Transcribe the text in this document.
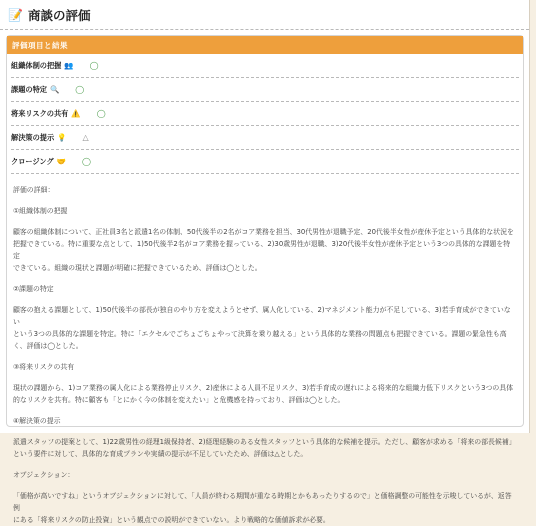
📝 商談の評価
評価項目と結果
組織体制の把握 👥 ◯
課題の特定 🔍 ◯
将来リスクの共有 ⚠️ ◯
解決策の提示 💡 △
クロージング 🤝 ◯

評価の詳細：

①組織体制の把握

顧客の組織体制について、正社員3名と派遣1名の体制、50代後半の2名がコア業務を担当、30代男性が退職予定、20代後半女性が産休予定という具体的な状況を

把握できている。特に重要な点として、1)50代後半2名がコア業務を握っている、2)30歳男性が退職、3)20代後半女性が産休予定という3つの具体的な課題を特定

できている。組織の現状と課題が明確に把握できているため、評価は◯とした。

②課題の特定

顧客の抱える課題として、1)50代後半の部長が独自のやり方を変えようとせず、属人化している、2)マネジメント能力が不足している、3)若手育成ができていない

という3つの具体的な課題を特定。特に「エクセルでごちょごちょやって決算を乗り越える」という具体的な業務の問題点も把握できている。課題の緊急性も高

く、評価は◯とした。

③将来リスクの共有

現状の課題から、1)コア業務の属人化による業務停止リスク、2)産休による人員不足リスク、3)若手育成の遅れによる将来的な組織力低下リスクという3つの具体

的なリスクを共有。特に顧客も「とにかく今の体制を変えたい」と危機感を持っており、評価は◯とした。

④解決策の提示

派遣スタッフの提案として、1)22歳男性の経理1級保持者、2)経理経験のある女性スタッフという具体的な候補を提示。ただし、顧客が求める「将来の部長候補」

という要件に対して、具体的な育成プランや実績の提示が不足していたため、評価は△とした。

オブジェクション：

「価格が高いですね」というオブジェクションに対して、「人員が終わる期間が重なる時期とかもあったりするので」と価格調整の可能性を示唆しているが、返答例

にある「将来リスクの防止投資」という観点での説明ができていない。より戦略的な価値訴求が必要。
